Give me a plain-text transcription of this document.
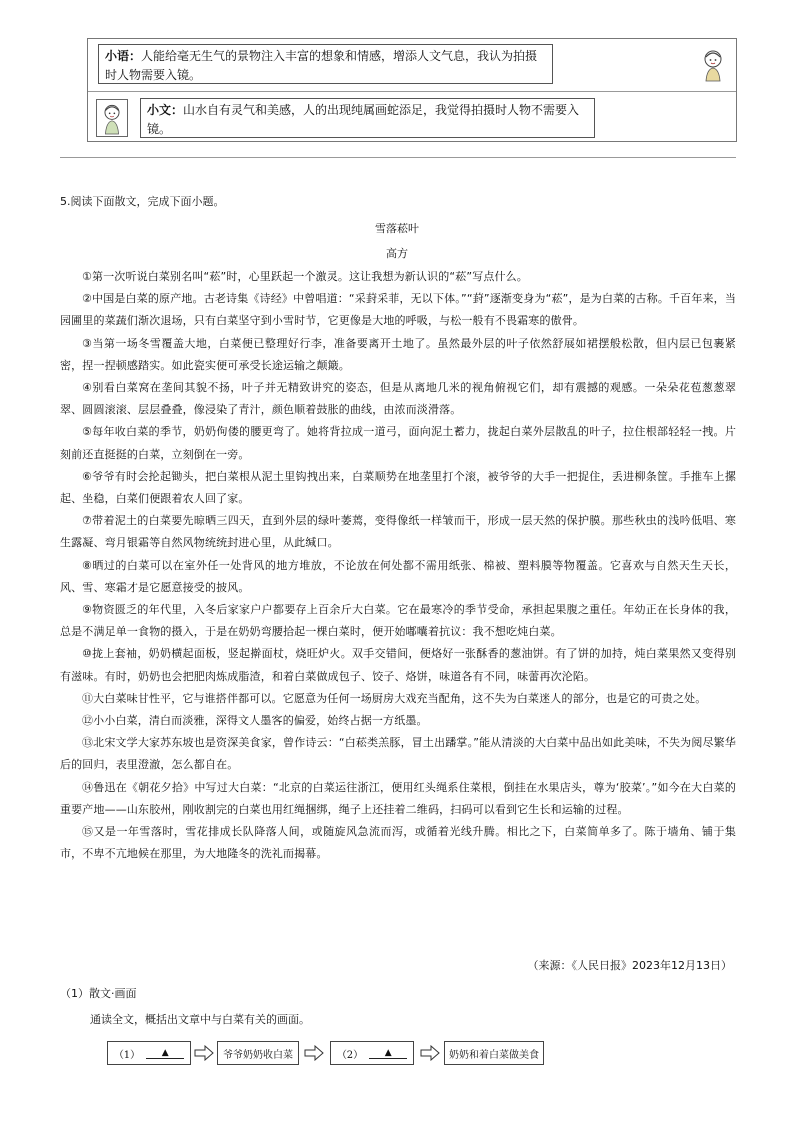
小语：人能给毫无生气的景物注入丰富的想象和情感，增添人文气息，我认为拍摄时人物需要入镜。
小文：山水自有灵气和美感，人的出现纯属画蛇添足，我觉得拍摄时人物不需要入镜。
5.阅读下面散文，完成下面小题。
雪落菘叶
高方

①第一次听说白菜别名叫“菘”时，心里跃起一个激灵。这让我想为新认识的“菘”写点什么。

②中国是白菜的原产地。古老诗集《诗经》中曾唱道：“采葑采菲，无以下体。”“葑”逐渐变身为“菘”，是为白菜的古称。千百年来，当园圃里的菜蔬们渐次退场，只有白菜坚守到小雪时节，它更像是大地的呼吸，与松一般有不畏霜寒的傲骨。

③当第一场冬雪覆盖大地，白菜便已整理好行李，准备要离开土地了。虽然最外层的叶子依然舒展如裙摆般松散，但内层已包裹紧密，捏一捏顿感踏实。如此瓷实便可承受长途运输之颠簸。

④别看白菜窝在垄间其貌不扬，叶子并无精致讲究的姿态，但是从离地几米的视角俯视它们，却有震撼的观感。一朵朵花苞葱葱翠翠、圆圆滚滚、层层叠叠，像浸染了青汁，颜色顺着鼓胀的曲线，由浓而淡滑落。

⑤每年收白菜的季节，奶奶佝偻的腰更弯了。她将背拉成一道弓，面向泥土蓄力，拢起白菜外层散乱的叶子，拉住根部轻轻一拽。片刻前还直挺挺的白菜，立刻倒在一旁。

⑥爷爷有时会抡起锄头，把白菜根从泥土里钩拽出来，白菜顺势在地垄里打个滚，被爷爷的大手一把捉住，丢进柳条筐。手推车上摞起、坐稳，白菜们便跟着农人回了家。

⑦带着泥土的白菜要先晾晒三四天，直到外层的绿叶萎蔫，变得像纸一样皱而干，形成一层天然的保护膜。那些秋虫的浅吟低唱、寒生露凝、弯月银霜等自然风物统统封进心里，从此缄口。

⑧晒过的白菜可以在室外任一处背风的地方堆放，不论放在何处都不需用纸张、棉被、塑料膜等物覆盖。它喜欢与自然天生天长，风、雪、寒霜才是它愿意接受的披风。

⑨物资匮乏的年代里，入冬后家家户户都要存上百余斤大白菜。它在最寒冷的季节受命，承担起果腹之重任。年幼正在长身体的我，总是不满足单一食物的摄入，于是在奶奶弯腰拾起一棵白菜时，便开始嘟囔着抗议：我不想吃炖白菜。

⑩拢上套袖，奶奶横起面板，竖起擀面杖，烧旺炉火。双手交错间，便烙好一张酥香的葱油饼。有了饼的加持，炖白菜果然又变得别有滋味。有时，奶奶也会把肥肉炼成脂渣，和着白菜做成包子、饺子、烙饼，味道各有不同，味蕾再次沦陷。

⑪大白菜味甘性平，它与谁搭伴都可以。它愿意为任何一场厨房大戏充当配角，这不失为白菜迷人的部分，也是它的可贵之处。

⑫小小白菜，清白而淡雅，深得文人墨客的偏爱，始终占据一方纸墨。

⑬北宋文学大家苏东坡也是资深美食家，曾作诗云：“白菘类羔豚，冒土出蹯掌。”能从清淡的大白菜中品出如此美味，不失为阅尽繁华后的回归，表里澄澈，怎么都自在。

⑭鲁迅在《朝花夕拾》中写过大白菜：“北京的白菜运往浙江，便用红头绳系住菜根，倒挂在水果店头，尊为‘胶菜’。”如今在大白菜的重要产地——山东胶州，刚收割完的白菜也用红绳捆绑，绳子上还挂着二维码，扫码可以看到它生长和运输的过程。

⑮又是一年雪落时，雪花排成长队降落人间，或随旋风急流而泻，或循着光线升腾。相比之下，白菜简单多了。陈于墙角、铺于集市，不卑不亢地候在那里，为大地隆冬的洗礼而揭幕。

（来源：《人民日报》2023年12月13日）
（1）散文·画面
通读全文，概括出文章中与白菜有关的画面。
（1）	▲	爷爷奶奶收白菜	（2）	▲	奶奶和着白菜做美食
